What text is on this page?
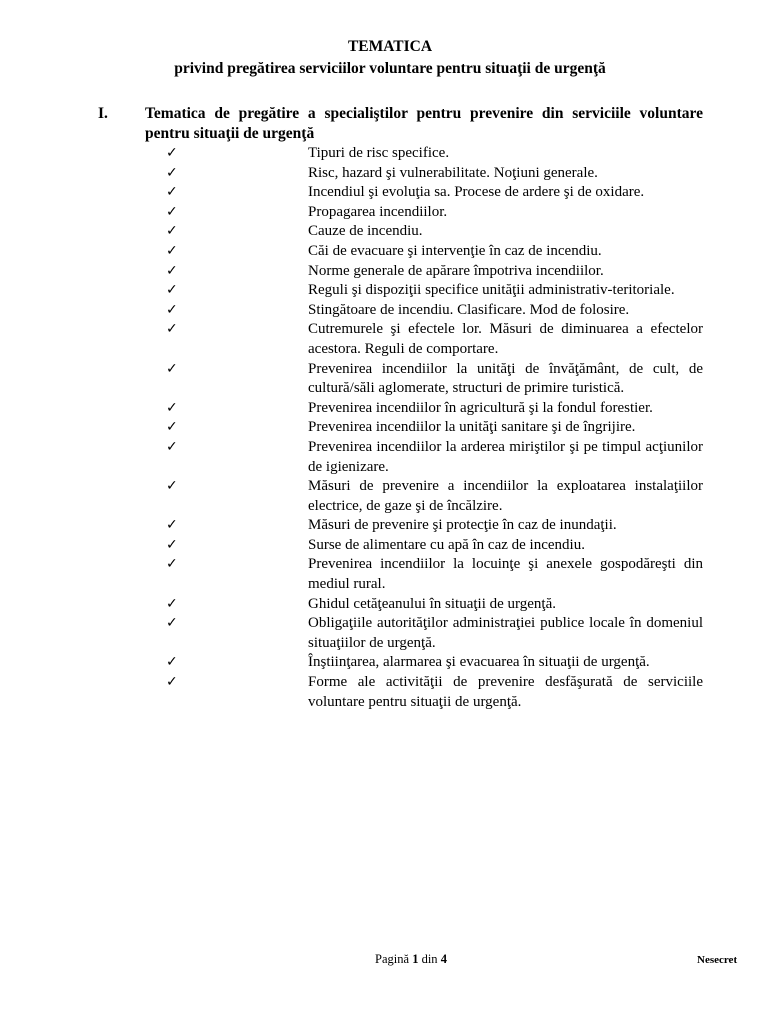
TEMATICA
privind pregătirea serviciilor voluntare pentru situaţii de urgenţă
I. Tematica de pregătire a specialiştilor pentru prevenire din serviciile voluntare pentru situaţii de urgenţă
✓	Tipuri de risc specifice.
✓	Risc, hazard şi vulnerabilitate. Noţiuni generale.
✓	Incendiul şi evoluţia sa. Procese de ardere şi de oxidare.
✓	Propagarea incendiilor.
✓	Cauze de incendiu.
✓	Căi de evacuare şi intervenţie în caz de incendiu.
✓	Norme generale de apărare împotriva incendiilor.
✓	Reguli şi dispoziţii specifice unităţii administrativ-teritoriale.
✓	Stingătoare de incendiu. Clasificare. Mod de folosire.
✓	Cutremurele şi efectele lor. Măsuri de diminuarea a efectelor acestora. Reguli de comportare.
✓	Prevenirea incendiilor la unităţi de învăţământ, de cult, de cultură/săli aglomerate, structuri de primire turistică.
✓	Prevenirea incendiilor în agricultură şi la fondul forestier.
✓	Prevenirea incendiilor la unităţi sanitare şi de îngrijire.
✓	Prevenirea incendiilor la arderea miriştilor şi pe timpul acţiunilor de igienizare.
✓	Măsuri de prevenire a incendiilor la exploatarea instalaţiilor electrice, de gaze şi de încălzire.
✓	Măsuri de prevenire şi protecţie în caz de inundaţii.
✓	Surse de alimentare cu apă în caz de incendiu.
✓	Prevenirea incendiilor la locuinţe şi anexele gospodăreşti din mediul rural.
✓	Ghidul cetăţeanului în situaţii de urgenţă.
✓	Obligaţiile autorităţilor administraţiei publice locale în domeniul situaţiilor de urgenţă.
✓	Înştiinţarea, alarmarea şi evacuarea în situaţii de urgenţă.
✓	Forme ale activităţii de prevenire desfăşurată de serviciile voluntare pentru situaţii de urgenţă.
Pagină 1 din 4	Nesecret
